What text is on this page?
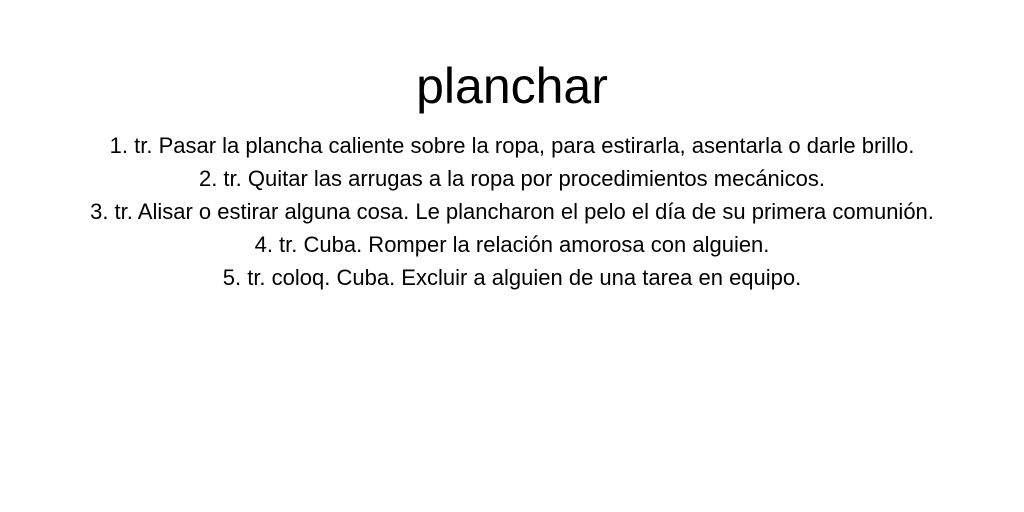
planchar
1. tr. Pasar la plancha caliente sobre la ropa, para estirarla, asentarla o darle brillo.
2. tr. Quitar las arrugas a la ropa por procedimientos mecánicos.
3. tr. Alisar o estirar alguna cosa. Le plancharon el pelo el día de su primera comunión.
4. tr. Cuba. Romper la relación amorosa con alguien.
5. tr. coloq. Cuba. Excluir a alguien de una tarea en equipo.
